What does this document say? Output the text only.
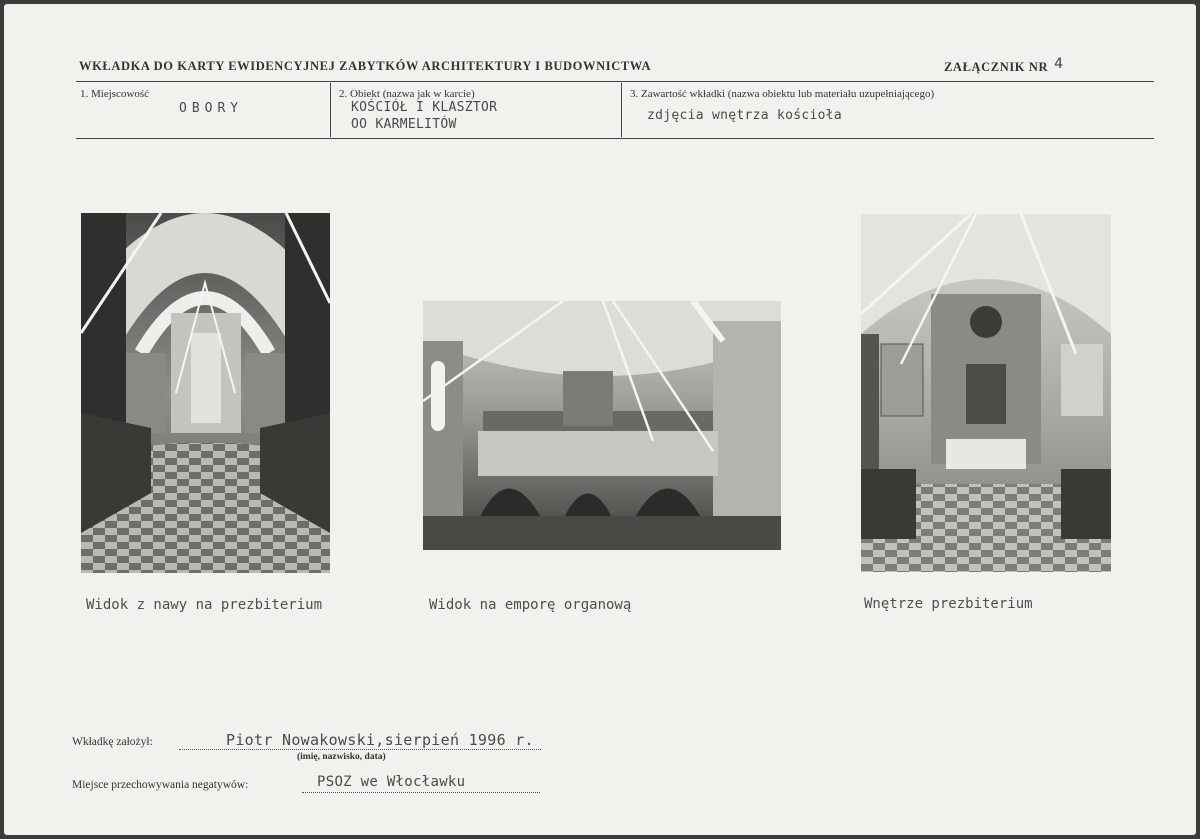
WKŁADKA DO KARTY EWIDENCYJNEJ ZABYTKÓW ARCHITEKTURY I BUDOWNICTWA	ZAŁĄCZNIK NR 4
1. Miejscowość
OBORY
2. Obiekt (nazwa jak w karcie)
KOŚCIÓŁ I KLASZTOR
OO KARMELITÓW
3. Zawartość wkładki (nazwa obiektu lub materiału uzupełniającego)
zdjęcia wnętrza kościoła
Widok z nawy na prezbiterium	Widok na emporę organową	Wnętrze prezbiterium
Wkładkę założył:	Piotr Nowakowski,sierpień 1996 r.
(imię, nazwisko, data)
Miejsce przechowywania negatywów:	PSOZ we Włocławku
